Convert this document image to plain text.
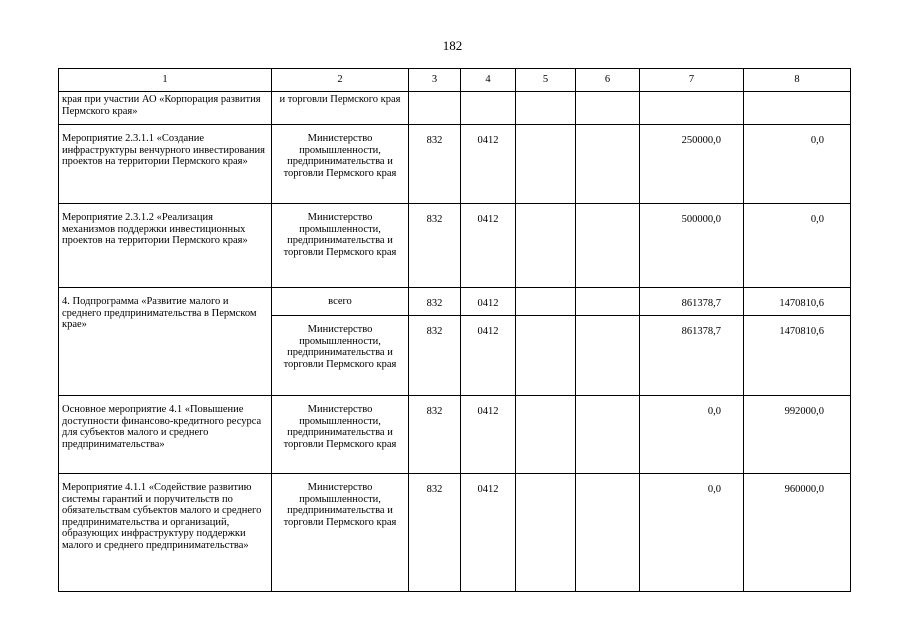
182
1	2	3	4	5	6	7	8
края при участии АО «Корпорация развития Пермского края»	и торговли Пермского края						
Мероприятие 2.3.1.1 «Создание инфраструктуры венчурного инвестирования проектов на территории Пермского края»	Министерство промышленности, предпринимательства и торговли Пермского края	832	0412			250000,0	0,0
Мероприятие 2.3.1.2 «Реализация механизмов поддержки инвестиционных проектов на территории Пермского края»	Министерство промышленности, предпринимательства и торговли Пермского края	832	0412			500000,0	0,0
4. Подпрограмма «Развитие малого и среднего предпринимательства в Пермском крае»	всего	832	0412			861378,7	1470810,6
	Министерство промышленности, предпринимательства и торговли Пермского края	832	0412			861378,7	1470810,6
Основное мероприятие 4.1 «Повышение доступности финансово-кредитного ресурса для субъектов малого и среднего предпринимательства»	Министерство промышленности, предпринимательства и торговли Пермского края	832	0412			0,0	992000,0
Мероприятие 4.1.1 «Содействие развитию системы гарантий и поручительств по обязательствам субъектов малого и среднего предпринимательства и организаций, образующих инфраструктуру поддержки малого и среднего предпринимательства»	Министерство промышленности, предпринимательства и торговли Пермского края	832	0412			0,0	960000,0
